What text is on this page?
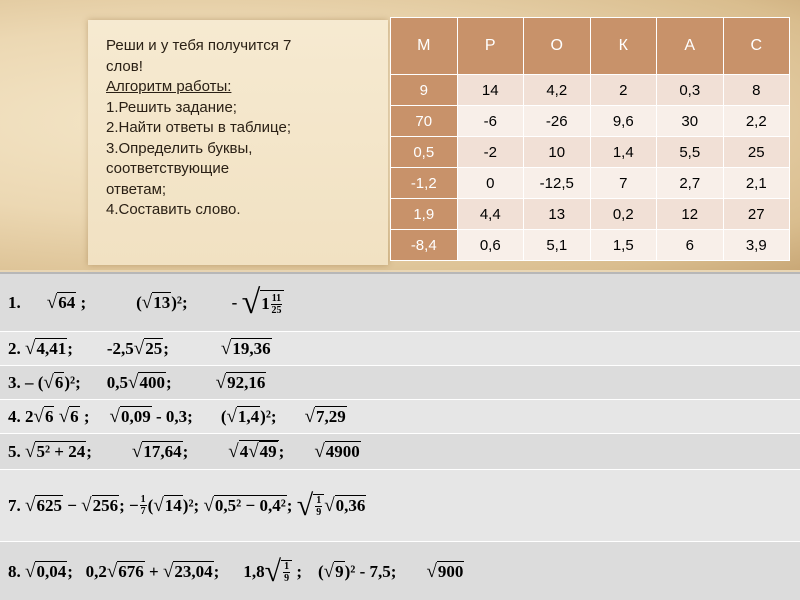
Реши и у тебя получится 7
слов!
Алгоритм работы:
1.Решить задание;
2.Найти ответы в таблице;
3.Определить буквы,
соответствующие
ответам;
4.Составить слово.
М	Р	О	К	А	С
9	14	4,2	2	0,3	8
70	-6	-26	9,6	30	2,2
0,5	-2	10	1,4	5,5	25
-1,2	0	-12,5	7	2,7	2,1
1,9	4,4	13	0,2	12	27
-8,4	0,6	5,1	1,5	6	3,9
1. √ 64 ;	( √ 13 )²;	- √ $1 \frac{11}{25}$
2. √ 4,41 ; -2,5 √ 25 ;	√ 19,36
3. – ( √ 6 )²; 0,5 √ 400 ; √ 92,16
4. 2 √ 6
√ 6 ; √ 0,09 - 0,3; ( √ 1,4 )²; √ 7,29
5. √ 5² + 24 ; √ 17,64 ; √ 4√49 ; √ 4900
7. √ 625 − √ 256 ; − $\frac{1}{7}$ ( √ 14 )² ; √ 0,5² − 0,4² ; √ $\frac{1}{9}$ √ 0,36
8. √ 0,04 ; 0,2 √ 676 + √ 23,04 ; 1,8 √ $\frac{1}{9}$ ; ( √ 9 )² - 7,5; √ 900
